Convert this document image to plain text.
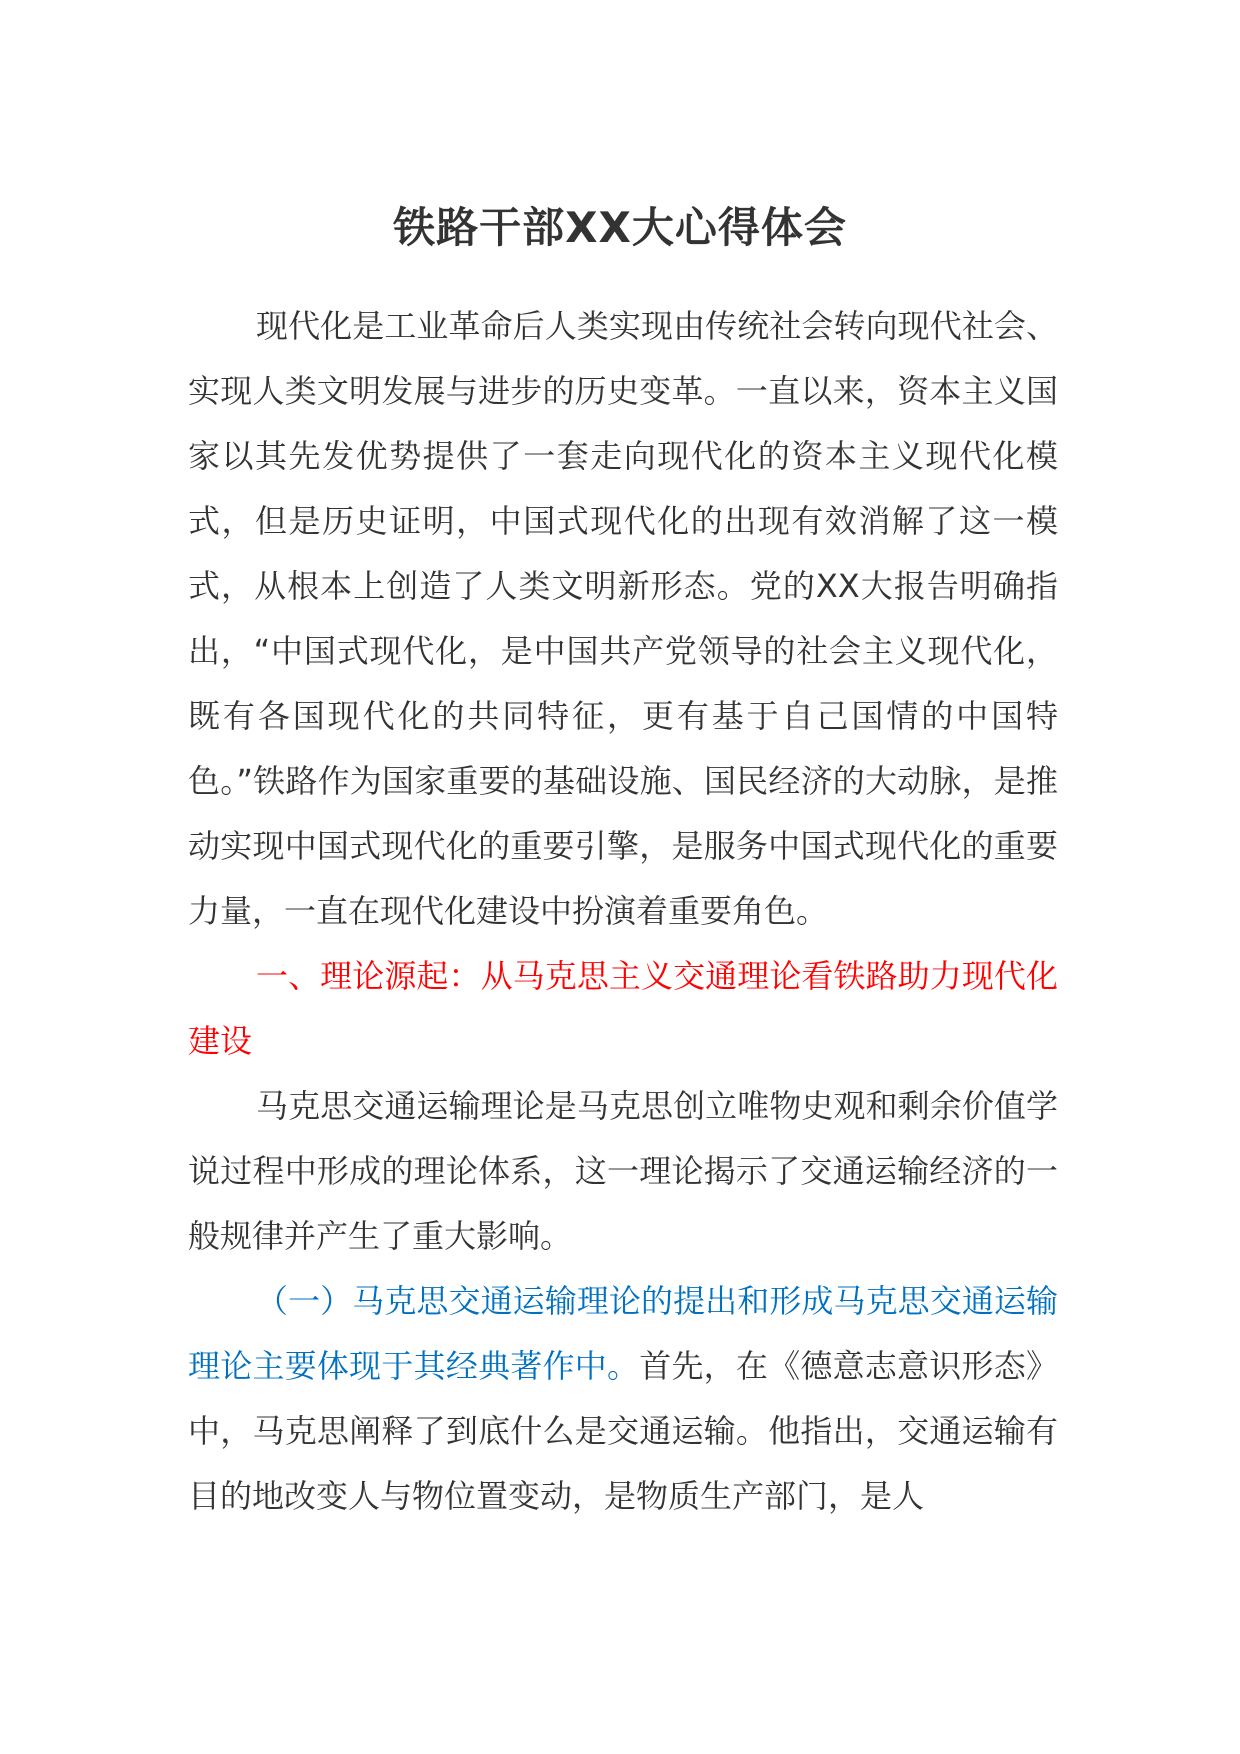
铁路干部XX大心得体会

现代化是工业革命后人类实现由传统社会转向现代社会、实现人类文明发展与进步的历史变革。一直以来，资本主义国家以其先发优势提供了一套走向现代化的资本主义现代化模式，但是历史证明，中国式现代化的出现有效消解了这一模式，从根本上创造了人类文明新形态。党的XX大报告明确指出，“中国式现代化，是中国共产党领导的社会主义现代化，既有各国现代化的共同特征，更有基于自己国情的中国特色。”铁路作为国家重要的基础设施、国民经济的大动脉，是推动实现中国式现代化的重要引擎，是服务中国式现代化的重要力量，一直在现代化建设中扮演着重要角色。

一、理论源起：从马克思主义交通理论看铁路助力现代化建设

马克思交通运输理论是马克思创立唯物史观和剩余价值学说过程中形成的理论体系，这一理论揭示了交通运输经济的一般规律并产生了重大影响。

（一）马克思交通运输理论的提出和形成马克思交通运输理论主要体现于其经典著作中。首先，在《德意志意识形态》中，马克思阐释了到底什么是交通运输。他指出，交通运输有目的地改变人与物位置变动，是物质生产部门，是人
